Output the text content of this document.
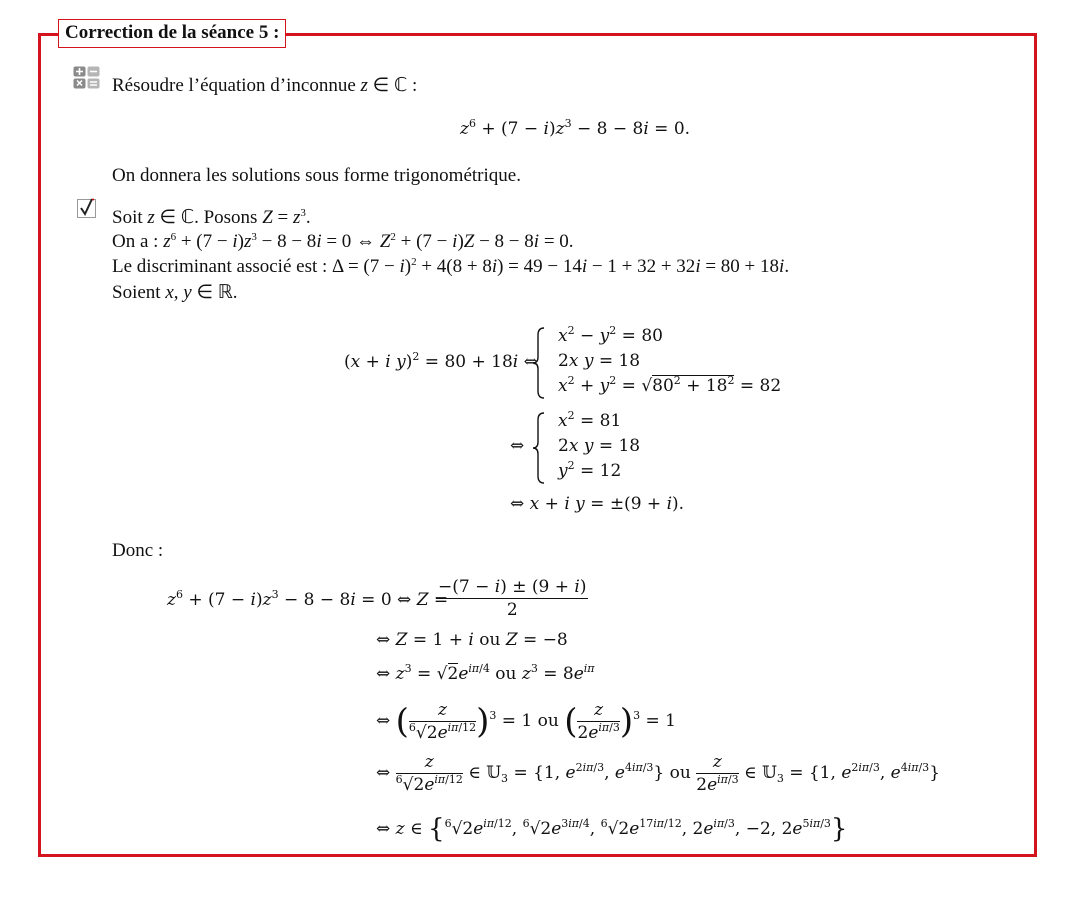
Correction de la séance 5 :
Résoudre l’équation d’inconnue z ∈ ℂ :
$z^6 + (7 - i)z^3 - 8 - 8i = 0$.
On donnera les solutions sous forme trigonométrique.
Soit z ∈ ℂ. Posons $Z = z^3$.
On a : $z^6 + (7 - i)z^3 - 8 - 8i = 0$ ⇔ $Z^2 + (7 - i)Z - 8 - 8i = 0$.
Le discriminant associé est : $\Delta = (7 - i)^2 + 4(8 + 8i) = 49 - 14i - 1 + 32 + 32i = 80 + 18i$.
Soient x, y ∈ ℝ.
(x + i y)$^2$ = 80 + 18i ⇔
$x^2 - y^2 = 80$
2x y = 18
$x^2 + y^2 = √80^2 + 18^2 = 82$
⇔
$x^2 = 81$
2x y = 18
$y^2 = 12$
⇔ x + i y = ±(9 + i).
Donc :
$z^6 + (7 - i)z^3 - 8 - 8i = 0$ ⇔ Z =
$\frac{-(7 - i) \pm (9 + i)}{2}$
⇔ Z = 1 + i ou Z = −8
⇔ $z^3 = √2e^{i\pi/4}$ ou $z^3 = 8e^{i\pi}$
⇔ ( $\frac{z}{^6√2e^{i\pi/12}} )^3 = 1$ ou ( $\frac{z}{2e^{i\pi/3}} )^3 = 1$
⇔ $\frac{z}{^6√2e^{i\pi/12}}$ ∈ 𝕌$_3$ = {1, $e^{2i\pi/3}$, $e^{4i\pi/3}$} ou $\frac{z}{2e^{i\pi/3}}$ ∈ 𝕌$_3$ = {1, $e^{2i\pi/3}$, $e^{4i\pi/3}$}
⇔ z ∈ {$^6√2e^{i\pi/12}$, $^6√2e^{3i\pi/4}$, $^6√2e^{17i\pi/12}$, $2e^{i\pi/3}$, −2, $2e^{5i\pi/3}$}
